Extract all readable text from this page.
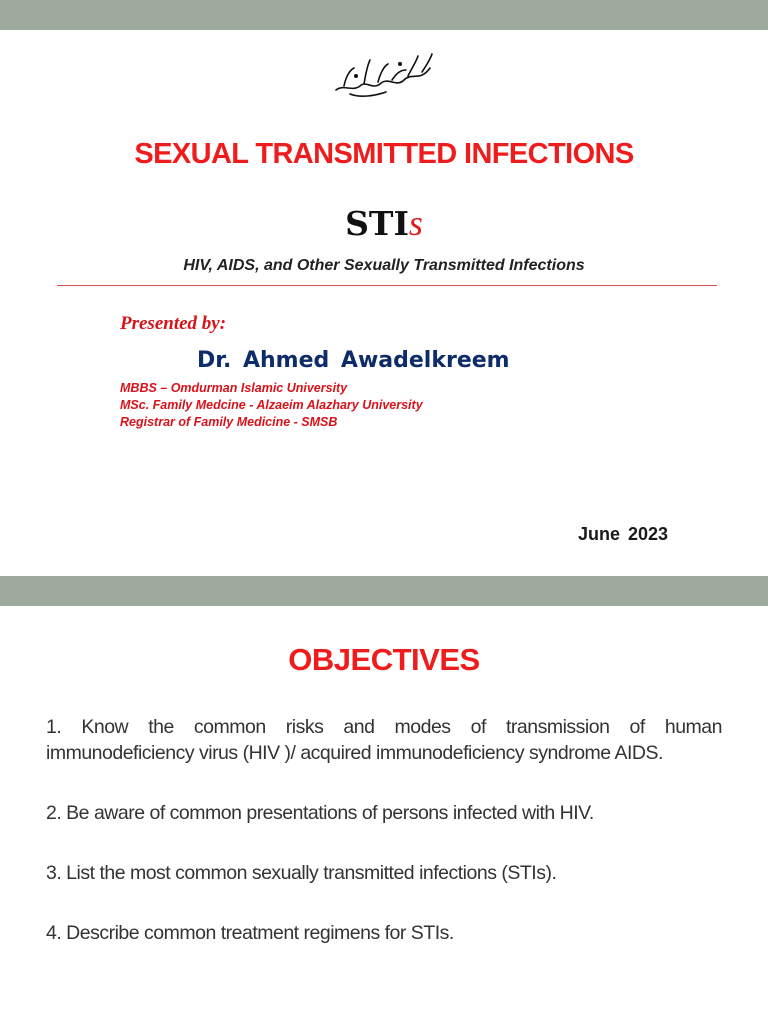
SEXUAL TRANSMITTED INFECTIONS
STIs
HIV, AIDS, and Other Sexually Transmitted Infections
Presented by:
Dr. Ahmed Awadelkreem
MBBS – Omdurman Islamic University
MSc. Family Medcine - Alzaeim Alazhary University
Registrar of Family Medicine - SMSB
June 2023
OBJECTIVES
1. Know the common risks and modes of transmission of human immunodeficiency virus (HIV )/ acquired immunodeficiency syndrome AIDS.
2. Be aware of common presentations of persons infected with HIV.
3. List the most common sexually transmitted infections (STIs).
4. Describe common treatment regimens for STIs.
